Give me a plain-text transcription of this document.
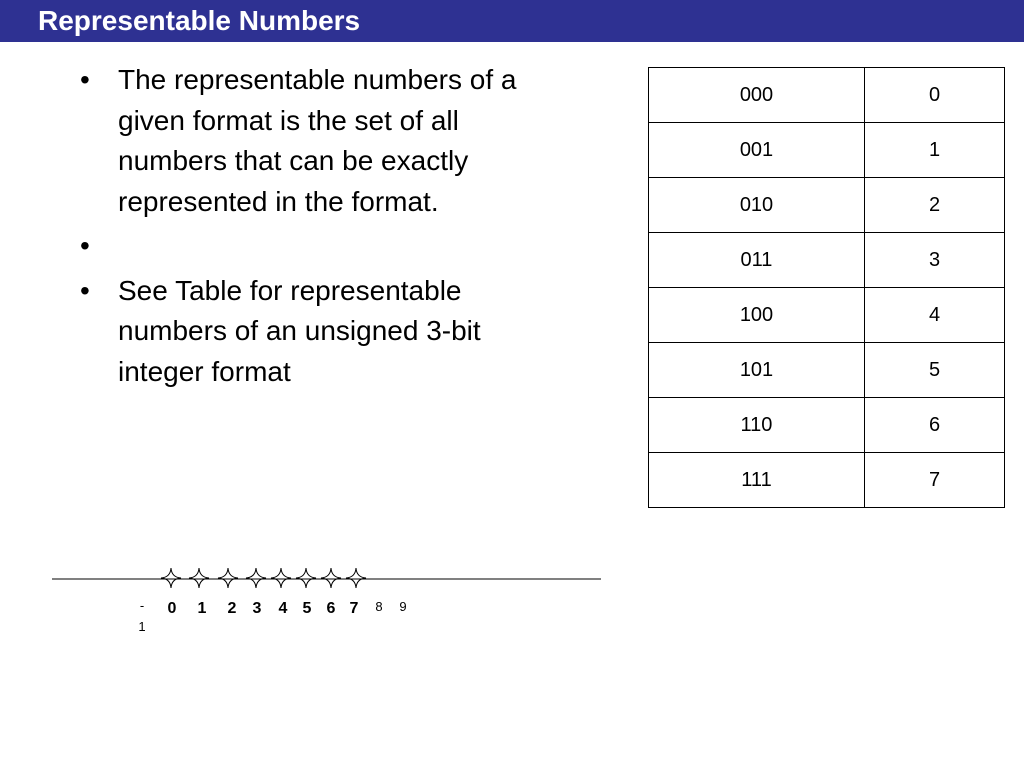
Representable Numbers
• The representable numbers of a given format is the set of all numbers that can be exactly represented in the format.
•
• See Table for representable numbers of an unsigned 3-bit integer format
000	0
001	1
010	2
011	3
100	4
101	5
110	6
111	7
-
1
0 1 2 3 4 5 6 7 8 9
